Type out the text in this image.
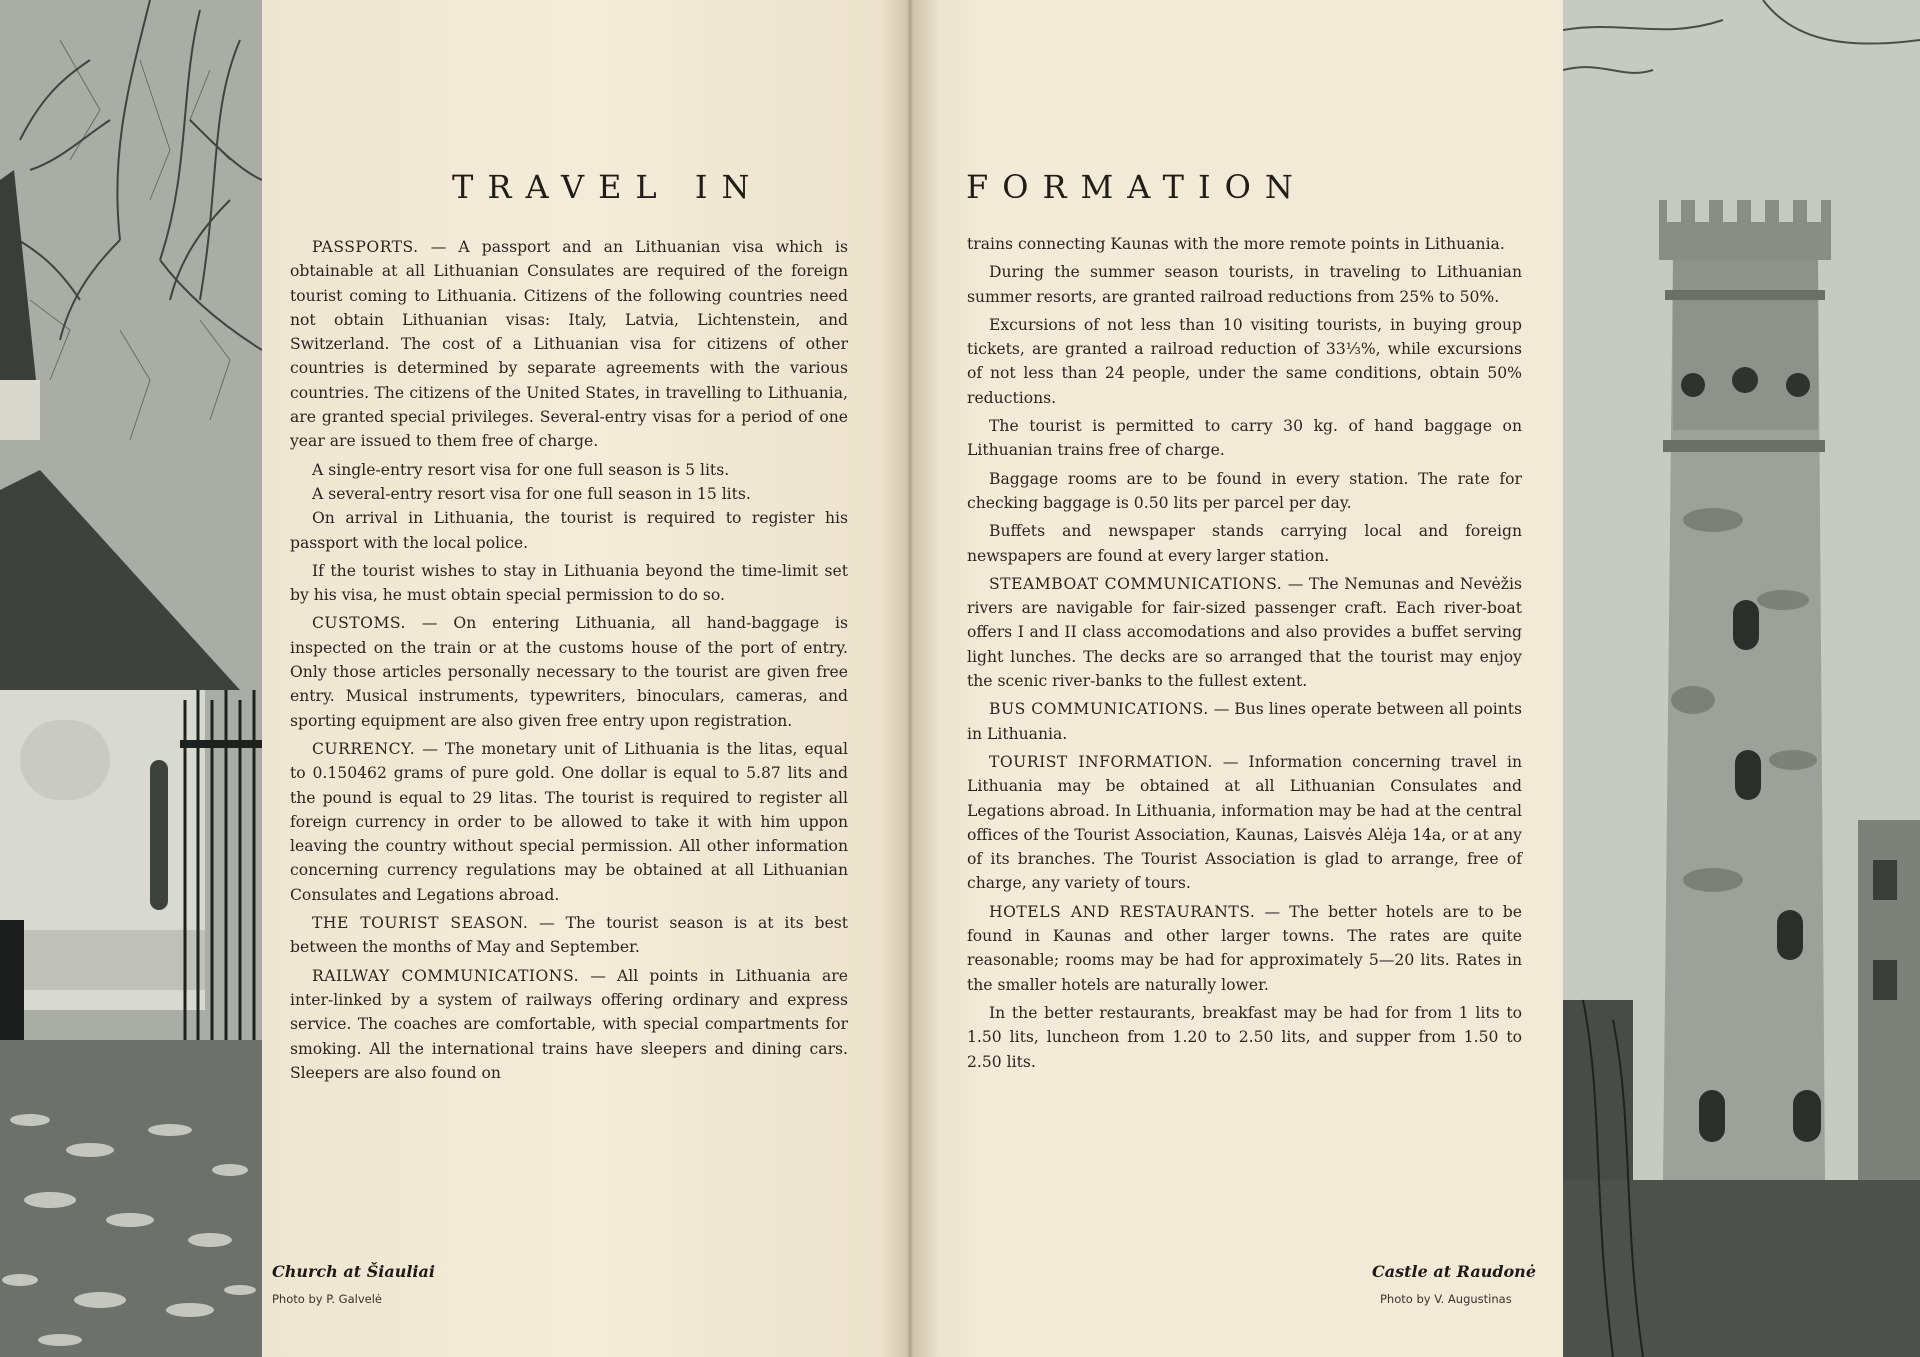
TRAVEL IN	FORMATION

PASSPORTS. — A passport and an Lithuanian visa which is obtainable at all Lithuanian Consulates are required of the foreign tourist coming to Lithuania. Citizens of the following countries need not obtain Lithuanian visas: Italy, Latvia, Lichtenstein, and Switzerland. The cost of a Lithuanian visa for citizens of other countries is determined by separate agreements with the various countries. The citizens of the United States, in travelling to Lithuania, are granted special privileges. Several-entry visas for a period of one year are issued to them free of charge.

A single-entry resort visa for one full season is 5 lits.

A several-entry resort visa for one full season in 15 lits.

On arrival in Lithuania, the tourist is required to register his passport with the local police.

If the tourist wishes to stay in Lithuania beyond the time-limit set by his visa, he must obtain special permission to do so.

CUSTOMS. — On entering Lithuania, all hand-baggage is inspected on the train or at the customs house of the port of entry. Only those articles personally necessary to the tourist are given free entry. Musical instruments, typewriters, binoculars, cameras, and sporting equipment are also given free entry upon registration.

CURRENCY. — The monetary unit of Lithuania is the litas, equal to 0.150462 grams of pure gold. One dollar is equal to 5.87 lits and the pound is equal to 29 litas. The tourist is required to register all foreign currency in order to be allowed to take it with him uppon leaving the country without special permission. All other information concerning currency regulations may be obtained at all Lithuanian Consulates and Legations abroad.

THE TOURIST SEASON. — The tourist season is at its best between the months of May and September.

RAILWAY COMMUNICATIONS. — All points in Lithuania are inter-linked by a system of railways offering ordinary and express service. The coaches are comfortable, with special compartments for smoking. All the international trains have sleepers and dining cars. Sleepers are also found on

trains connecting Kaunas with the more remote points in Lithuania.

During the summer season tourists, in traveling to Lithuanian summer resorts, are granted railroad reductions from 25% to 50%.

Excursions of not less than 10 visiting tourists, in buying group tickets, are granted a railroad reduction of 33⅓%, while excursions of not less than 24 people, under the same conditions, obtain 50% reductions.

The tourist is permitted to carry 30 kg. of hand baggage on Lithuanian trains free of charge.

Baggage rooms are to be found in every station. The rate for checking baggage is 0.50 lits per parcel per day.

Buffets and newspaper stands carrying local and foreign newspapers are found at every larger station.

STEAMBOAT COMMUNICATIONS. — The Nemunas and Nevėžis rivers are navigable for fair-sized passenger craft. Each river-boat offers I and II class accomodations and also provides a buffet serving light lunches. The decks are so arranged that the tourist may enjoy the scenic river-banks to the fullest extent.

BUS COMMUNICATIONS. — Bus lines operate between all points in Lithuania.

TOURIST INFORMATION. — Information concerning travel in Lithuania may be obtained at all Lithuanian Consulates and Legations abroad. In Lithuania, information may be had at the central offices of the Tourist Association, Kaunas, Laisvės Alėja 14a, or at any of its branches. The Tourist Association is glad to arrange, free of charge, any variety of tours.

HOTELS AND RESTAURANTS. — The better hotels are to be found in Kaunas and other larger towns. The rates are quite reasonable; rooms may be had for approximately 5—20 lits. Rates in the smaller hotels are naturally lower.

In the better restaurants, breakfast may be had for from 1 lits to 1.50 lits, luncheon from 1.20 to 2.50 lits, and supper from 1.50 to 2.50 lits.

Church at Šiauliai
Photo by P. Galvelė
Castle at Raudonė
Photo by V. Augustinas
